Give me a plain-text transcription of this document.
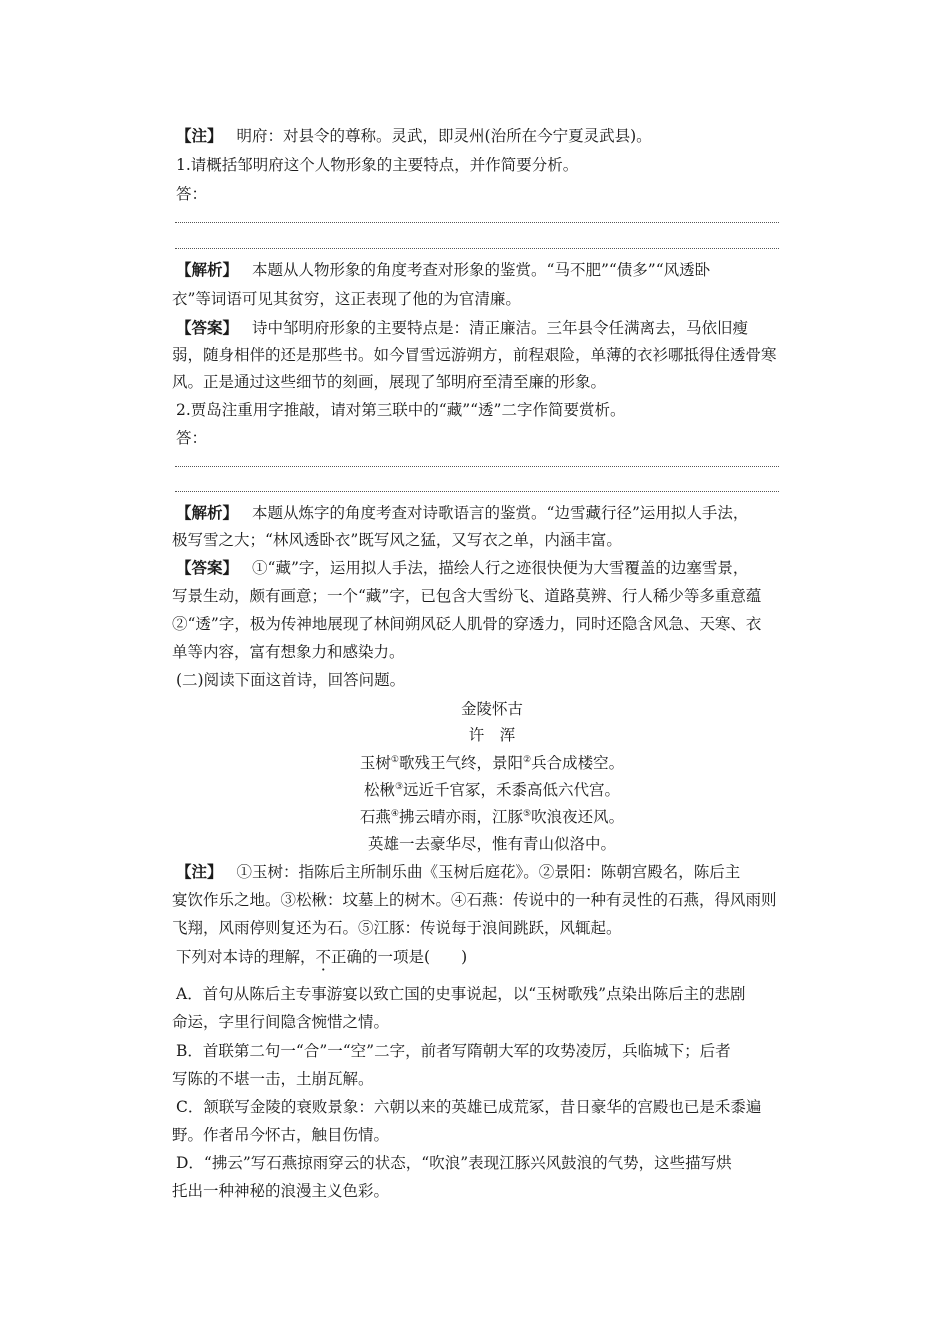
【注】 明府：对县令的尊称。灵武，即灵州(治所在今宁夏灵武县)。
1.请概括邹明府这个人物形象的主要特点，并作简要分析。
答：
【解析】 本题从人物形象的角度考查对形象的鉴赏。“马不肥”“债多”“风透卧
衣”等词语可见其贫穷，这正表现了他的为官清廉。
【答案】 诗中邹明府形象的主要特点是：清正廉洁。三年县令任满离去，马依旧瘦
弱，随身相伴的还是那些书。如今冒雪远游朔方，前程艰险，单薄的衣衫哪抵得住透骨寒
风。正是通过这些细节的刻画，展现了邹明府至清至廉的形象。
2.贾岛注重用字推敲，请对第三联中的“藏”“透”二字作简要赏析。
答：
【解析】 本题从炼字的角度考查对诗歌语言的鉴赏。“边雪藏行径”运用拟人手法，
极写雪之大；“林风透卧衣”既写风之猛，又写衣之单，内涵丰富。
【答案】 ①“藏”字，运用拟人手法，描绘人行之迹很快便为大雪覆盖的边塞雪景，
写景生动，颇有画意；一个“藏”字，已包含大雪纷飞、道路莫辨、行人稀少等多重意蕴
②“透”字，极为传神地展现了林间朔风砭人肌骨的穿透力，同时还隐含风急、天寒、衣
单等内容，富有想象力和感染力。
(二)阅读下面这首诗，回答问题。
金陵怀古
许　浑
玉树①歌残王气终，景阳②兵合成楼空。
松楸③远近千官冢，禾黍高低六代宫。
石燕④拂云晴亦雨，江豚⑤吹浪夜还风。
英雄一去豪华尽，惟有青山似洛中。
【注】 ①玉树：指陈后主所制乐曲《玉树后庭花》。②景阳：陈朝宫殿名，陈后主
宴饮作乐之地。③松楸：坟墓上的树木。④石燕：传说中的一种有灵性的石燕，得风雨则
飞翔，风雨停则复还为石。⑤江豚：传说每于浪间跳跃，风辄起。
下列对本诗的理解，不正确的一项是(　　)
A．首句从陈后主专事游宴以致亡国的史事说起，以“玉树歌残”点染出陈后主的悲剧
命运，字里行间隐含惋惜之情。
B．首联第二句一“合”一“空”二字，前者写隋朝大军的攻势凌厉，兵临城下；后者
写陈的不堪一击，土崩瓦解。
C．颔联写金陵的衰败景象：六朝以来的英雄已成荒冢，昔日豪华的宫殿也已是禾黍遍
野。作者吊今怀古，触目伤情。
D．“拂云”写石燕掠雨穿云的状态，“吹浪”表现江豚兴风鼓浪的气势，这些描写烘
托出一种神秘的浪漫主义色彩。
